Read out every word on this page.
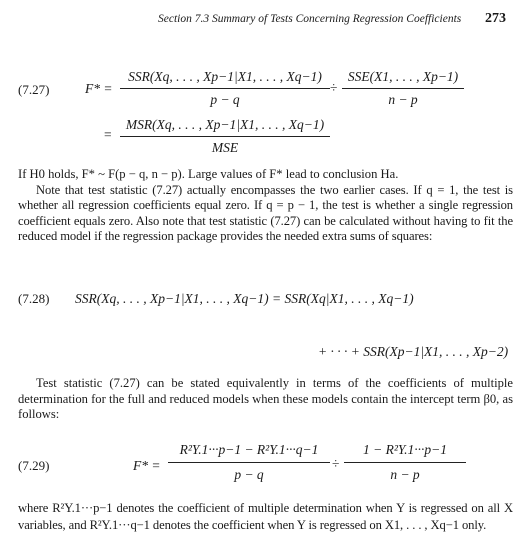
Section 7.3 Summary of Tests Concerning Regression Coefficients 273
(7.27)	F* =
SSR(Xq, . . . , Xp−1|X1, . . . , Xq−1)
p − q
÷
SSE(X1, . . . , Xp−1)
n − p
=
MSR(Xq, . . . , Xp−1|X1, . . . , Xq−1)
MSE

If H0 holds, F* ~ F(p − q, n − p). Large values of F* lead to conclusion Ha.

Note that test statistic (7.27) actually encompasses the two earlier cases. If q = 1, the test is whether all regression coefficients equal zero. If q = p − 1, the test is whether a single regression coefficient equals zero. Also note that test statistic (7.27) can be calculated without having to fit the reduced model if the regression package provides the needed extra sums of squares:

(7.28) SSR(Xq, . . . , Xp−1|X1, . . . , Xq−1) = SSR(Xq|X1, . . . , Xq−1)
+ · · · + SSR(Xp−1|X1, . . . , Xp−2)

Test statistic (7.27) can be stated equivalently in terms of the coefficients of multiple determination for the full and reduced models when these models contain the intercept term β0, as follows:

(7.29)	F* =
R²Y.1···p−1 − R²Y.1···q−1
p − q
÷
1 − R²Y.1···p−1
n − p

where R²Y.1···p−1 denotes the coefficient of multiple determination when Y is regressed on all X variables, and R²Y.1···q−1 denotes the coefficient when Y is regressed on X1, . . . , Xq−1 only.
